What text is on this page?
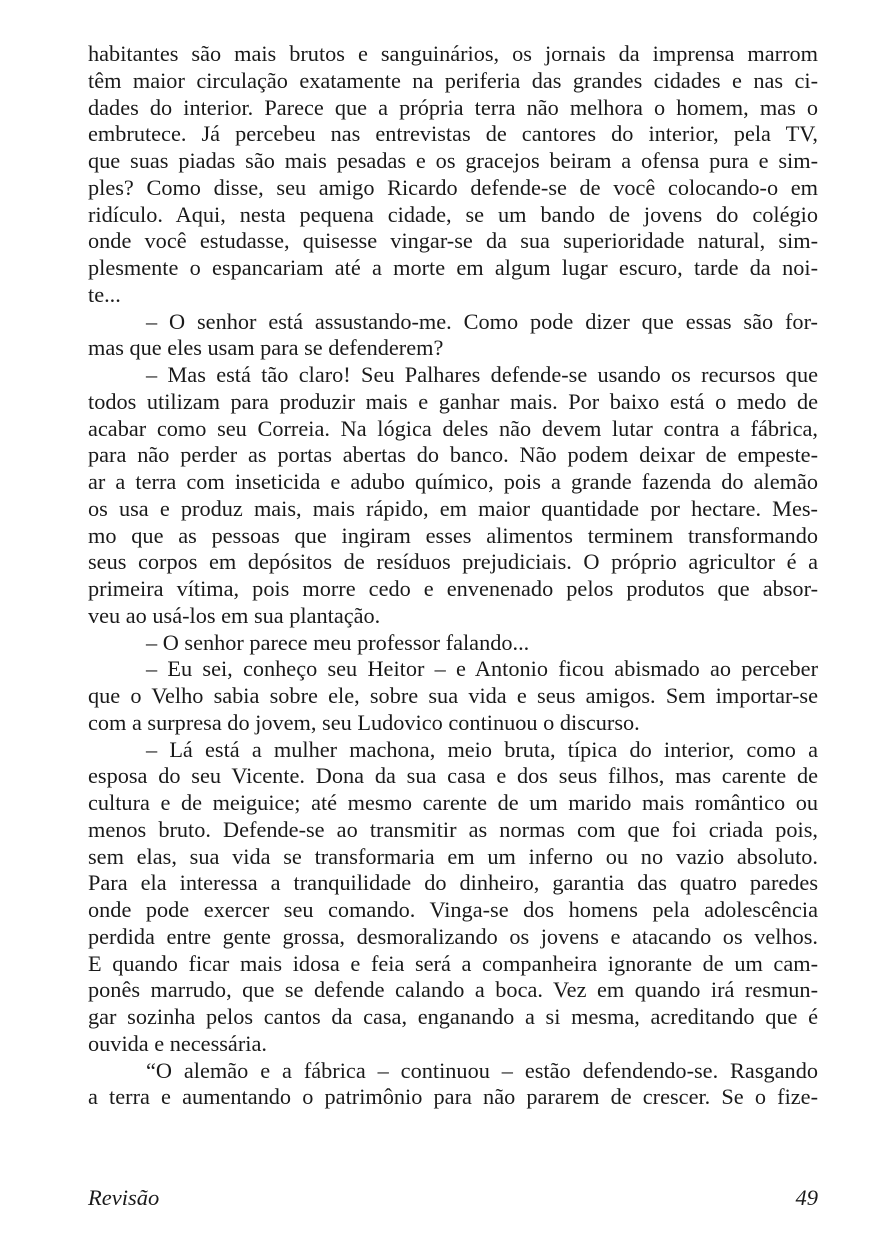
habitantes são mais brutos e sanguinários, os jornais da imprensa marrom
têm maior circulação exatamente na periferia das grandes cidades e nas ci-
dades do interior. Parece que a própria terra não melhora o homem, mas o
embrutece. Já percebeu nas entrevistas de cantores do interior, pela TV,
que suas piadas são mais pesadas e os gracejos beiram a ofensa pura e sim-
ples? Como disse, seu amigo Ricardo defende-se de você colocando-o em
ridículo. Aqui, nesta pequena cidade, se um bando de jovens do colégio
onde você estudasse, quisesse vingar-se da sua superioridade natural, sim-
plesmente o espancariam até a morte em algum lugar escuro, tarde da noi-
te...
– O senhor está assustando-me. Como pode dizer que essas são for-
mas que eles usam para se defenderem?
– Mas está tão claro! Seu Palhares defende-se usando os recursos que
todos utilizam para produzir mais e ganhar mais. Por baixo está o medo de
acabar como seu Correia. Na lógica deles não devem lutar contra a fábrica,
para não perder as portas abertas do banco. Não podem deixar de empeste-
ar a terra com inseticida e adubo químico, pois a grande fazenda do alemão
os usa e produz mais, mais rápido, em maior quantidade por hectare. Mes-
mo que as pessoas que ingiram esses alimentos terminem transformando
seus corpos em depósitos de resíduos prejudiciais. O próprio agricultor é a
primeira vítima, pois morre cedo e envenenado pelos produtos que absor-
veu ao usá-los em sua plantação.
– O senhor parece meu professor falando...
– Eu sei, conheço seu Heitor – e Antonio ficou abismado ao perceber
que o Velho sabia sobre ele, sobre sua vida e seus amigos. Sem importar-se
com a surpresa do jovem, seu Ludovico continuou o discurso.
– Lá está a mulher machona, meio bruta, típica do interior, como a
esposa do seu Vicente. Dona da sua casa e dos seus filhos, mas carente de
cultura e de meiguice; até mesmo carente de um marido mais romântico ou
menos bruto. Defende-se ao transmitir as normas com que foi criada pois,
sem elas, sua vida se transformaria em um inferno ou no vazio absoluto.
Para ela interessa a tranquilidade do dinheiro, garantia das quatro paredes
onde pode exercer seu comando. Vinga-se dos homens pela adolescência
perdida entre gente grossa, desmoralizando os jovens e atacando os velhos.
E quando ficar mais idosa e feia será a companheira ignorante de um cam-
ponês marrudo, que se defende calando a boca. Vez em quando irá resmun-
gar sozinha pelos cantos da casa, enganando a si mesma, acreditando que é
ouvida e necessária.
“O alemão e a fábrica – continuou – estão defendendo-se. Rasgando
a terra e aumentando o patrimônio para não pararem de crescer. Se o fize-
Revisão	49
